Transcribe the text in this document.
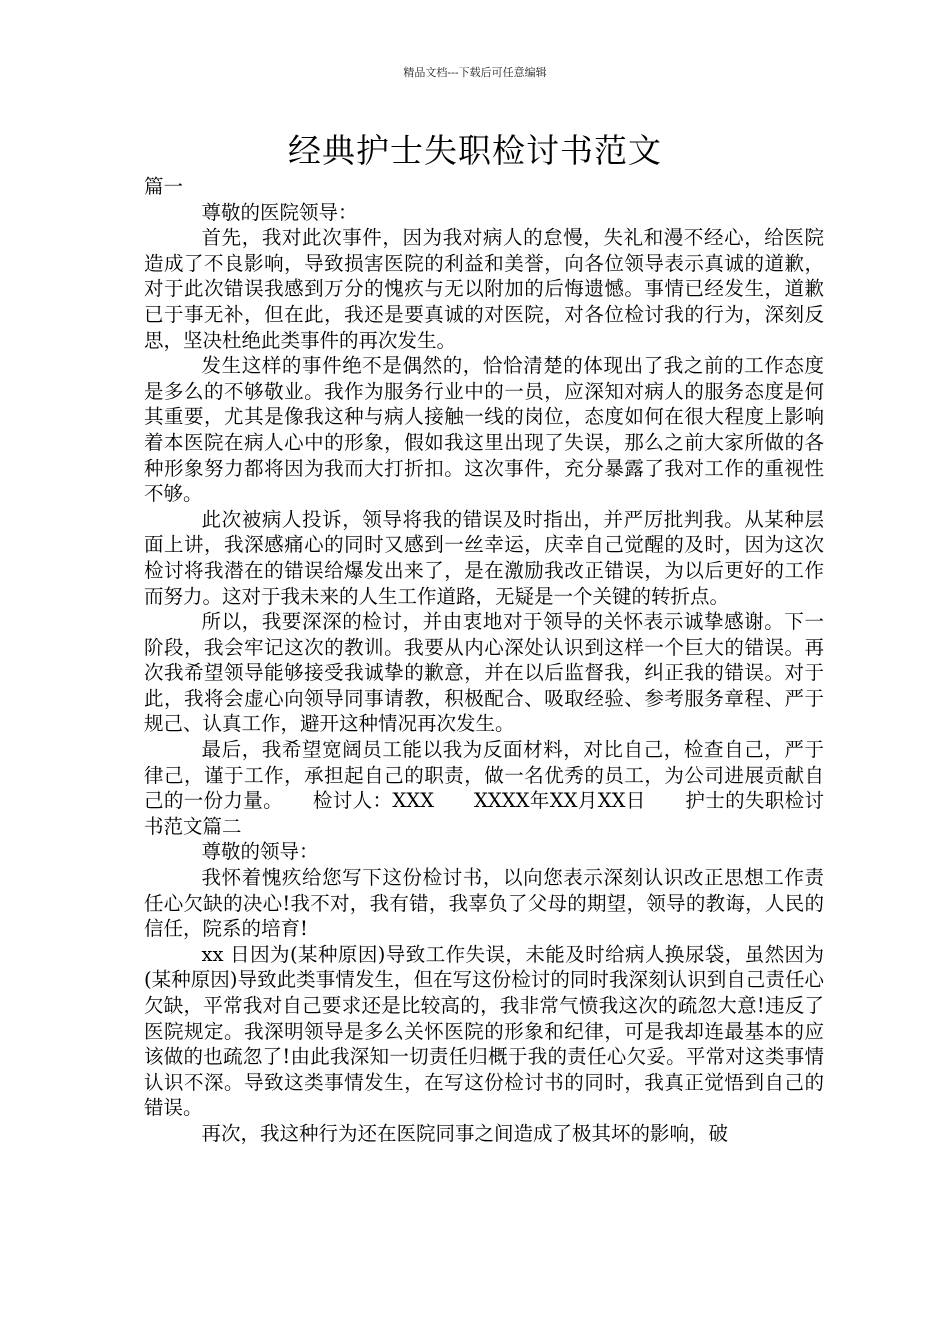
精品文档---下载后可任意编辑
经典护士失职检讨书范文

篇一

尊敬的医院领导：

首先，我对此次事件，因为我对病人的怠慢，失礼和漫不经心，给医院造成了不良影响，导致损害医院的利益和美誉，向各位领导表示真诚的道歉，对于此次错误我感到万分的愧疚与无以附加的后悔遗憾。事情已经发生，道歉已于事无补，但在此，我还是要真诚的对医院，对各位检讨我的行为，深刻反思，坚决杜绝此类事件的再次发生。

发生这样的事件绝不是偶然的，恰恰清楚的体现出了我之前的工作态度是多么的不够敬业。我作为服务行业中的一员，应深知对病人的服务态度是何其重要，尤其是像我这种与病人接触一线的岗位，态度如何在很大程度上影响着本医院在病人心中的形象，假如我这里出现了失误，那么之前大家所做的各种形象努力都将因为我而大打折扣。这次事件，充分暴露了我对工作的重视性不够。

此次被病人投诉，领导将我的错误及时指出，并严厉批判我。从某种层面上讲，我深感痛心的同时又感到一丝幸运，庆幸自己觉醒的及时，因为这次检讨将我潜在的错误给爆发出来了，是在激励我改正错误，为以后更好的工作而努力。这对于我未来的人生工作道路，无疑是一个关键的转折点。

所以，我要深深的检讨，并由衷地对于领导的关怀表示诚挚感谢。下一阶段，我会牢记这次的教训。我要从内心深处认识到这样一个巨大的错误。再次我希望领导能够接受我诚挚的歉意，并在以后监督我，纠正我的错误。对于此，我将会虚心向领导同事请教，积极配合、吸取经验、参考服务章程、严于规己、认真工作，避开这种情况再次发生。

最后，我希望宽阔员工能以我为反面材料，对比自己，检查自己，严于律己，谨于工作，承担起自己的职责，做一名优秀的员工，为公司进展贡献自己的一份力量。　　检讨人：XXX　　XXXX年XX月XX日　　护士的失职检讨书范文篇二

尊敬的领导：

我怀着愧疚给您写下这份检讨书，以向您表示深刻认识改正思想工作责任心欠缺的决心!我不对，我有错，我辜负了父母的期望，领导的教诲，人民的信任，院系的培育!

xx 日因为(某种原因)导致工作失误，未能及时给病人换尿袋，虽然因为(某种原因)导致此类事情发生，但在写这份检讨的同时我深刻认识到自己责任心欠缺，平常我对自己要求还是比较高的，我非常气愤我这次的疏忽大意!违反了医院规定。我深明领导是多么关怀医院的形象和纪律，可是我却连最基本的应该做的也疏忽了!由此我深知一切责任归概于我的责任心欠妥。平常对这类事情认识不深。导致这类事情发生，在写这份检讨书的同时，我真正觉悟到自己的错误。

再次，我这种行为还在医院同事之间造成了极其坏的影响，破
